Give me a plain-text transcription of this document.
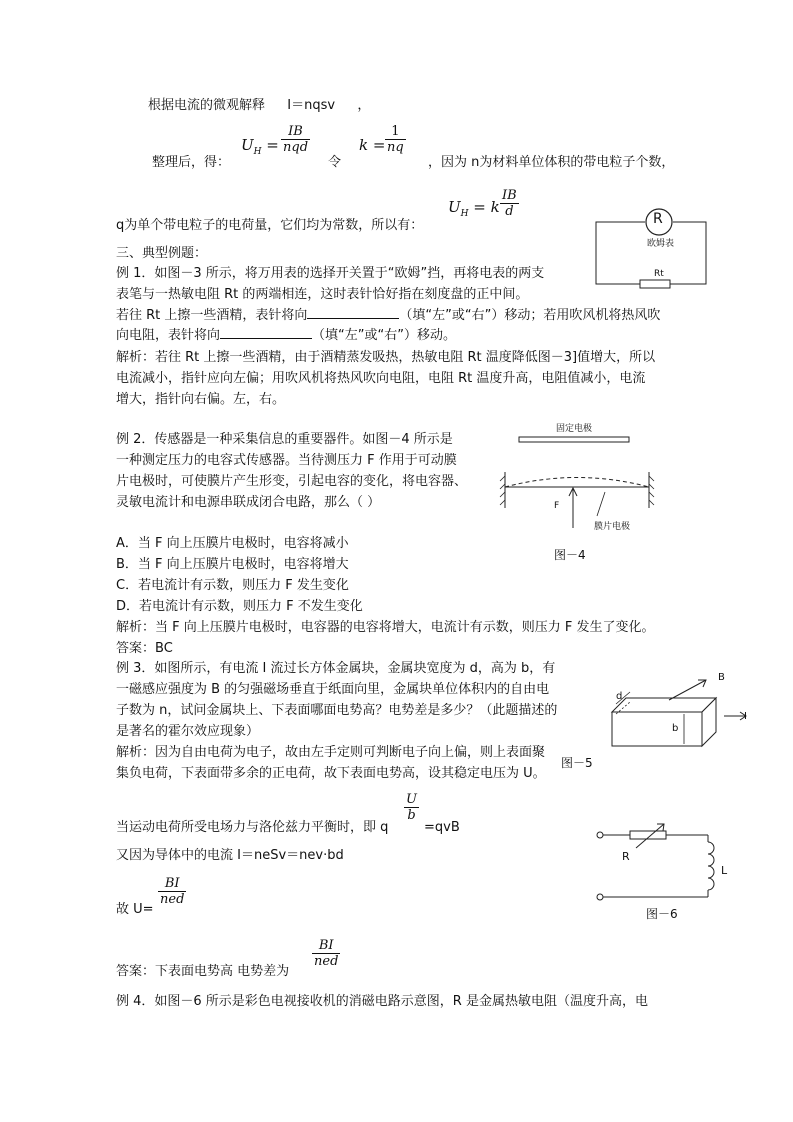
根据电流的微观解释 I＝nqsv ，
$U_H$ =
IB
nqd	$k = \frac{1}{nq}$
整理后，得：	令	，因为 n为材料单位体积的带电粒子个数，
$U_H = k \frac{IB}{d}$
q为单个带电粒子的电荷量，它们均为常数，所以有：
三、典型例题：
例 1．如图－3 所示，将万用表的选择开关置于“欧姆”挡，再将电表的两支
表笔与一热敏电阻 Rt 的两端相连，这时表针恰好指在刻度盘的正中间。
若往 Rt 上擦一些酒精，表针将向	（填“左”或“右”）移动；若用吹风机将热风吹
向电阻，表针将向	（填“左”或“右”）移动。
解析：若往 Rt 上擦一些酒精，由于酒精蒸发吸热，热敏电阻 Rt 温度降低图－3]值增大，所以
电流减小，指针应向左偏；用吹风机将热风吹向电阻，电阻 Rt 温度升高，电阻值减小，电流
增大，指针向右偏。左，右。
R
欧姆表
Rt
例 2．传感器是一种采集信息的重要器件。如图－4 所示是
一种测定压力的电容式传感器。当待测压力 F 作用于可动膜
片电极时，可使膜片产生形变，引起电容的变化，将电容器、
灵敏电流计和电源串联成闭合电路，那么（ ）
A．当 F 向上压膜片电极时，电容将减小
B．当 F 向上压膜片电极时，电容将增大
C．若电流计有示数，则压力 F 发生变化
D．若电流计有示数，则压力 F 不发生变化
解析：当 F 向上压膜片电极时，电容器的电容将增大，电流计有示数，则压力 F 发生了变化。
答案：BC
固定电极
F
膜片电极
图－4
例 3．如图所示，有电流 I 流过长方体金属块，金属块宽度为 d，高为 b，有
一磁感应强度为 B 的匀强磁场垂直于纸面向里，金属块单位体积内的自由电
子数为 n，试问金属块上、下表面哪面电势高？电势差是多少？（此题描述的
是著名的霍尔效应现象）
解析：因为自由电荷为电子，故由左手定则可判断电子向上偏，则上表面聚
集负电荷，下表面带多余的正电荷，故下表面电势高，设其稳定电压为 U。
B
d
b
I
图－5
当运动电荷所受电场力与洛伦兹力平衡时，即 q
$\frac{U}{b}$
=qvB
又因为导体中的电流 I＝neSv＝nev·bd
故 U=
BI
ned
答案：下表面电势高 电势差为
BI
ned
R
L
图－6
例 4．如图－6 所示是彩色电视接收机的消磁电路示意图，R 是金属热敏电阻（温度升高，电
